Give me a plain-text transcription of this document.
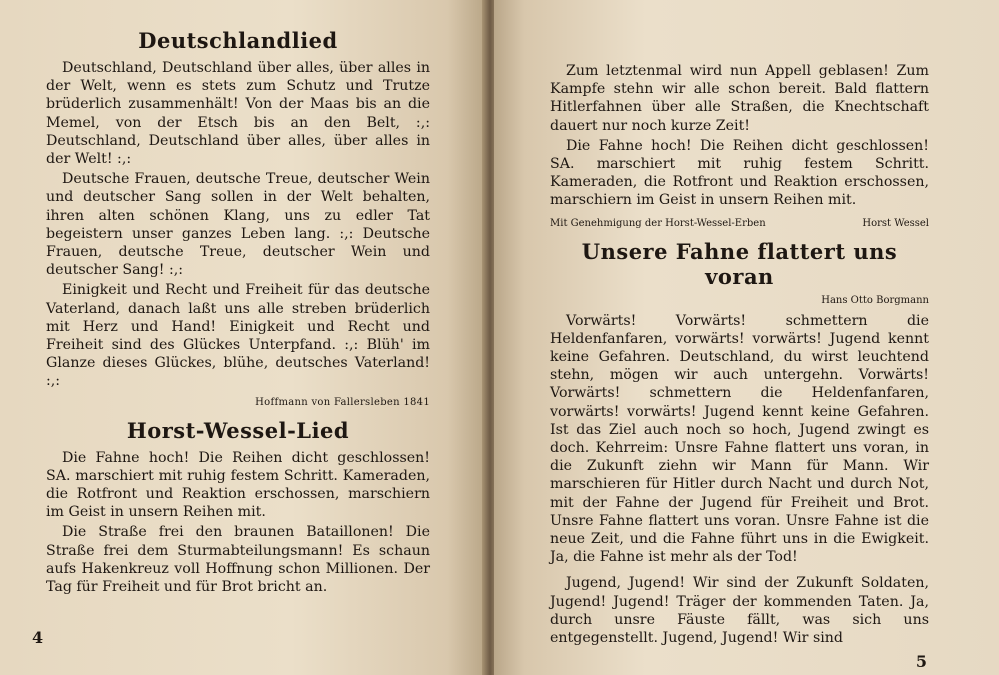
Deutschlandlied

Deutschland, Deutschland über alles, über alles in der Welt, wenn es stets zum Schutz und Trutze brüderlich zusammenhält! Von der Maas bis an die Memel, von der Etsch bis an den Belt, :,: Deutschland, Deutschland über alles, über alles in der Welt! :,:

Deutsche Frauen, deutsche Treue, deutscher Wein und deutscher Sang sollen in der Welt behalten, ihren alten schönen Klang, uns zu edler Tat begeistern unser ganzes Leben lang. :,: Deutsche Frauen, deutsche Treue, deutscher Wein und deutscher Sang! :,:

Einigkeit und Recht und Freiheit für das deutsche Vaterland, danach laßt uns alle streben brüderlich mit Herz und Hand! Einigkeit und Recht und Freiheit sind des Glückes Unterpfand. :,: Blüh' im Glanze dieses Glückes, blühe, deutsches Vaterland! :,:

Hoffmann von Fallersleben 1841
Horst-Wessel-Lied

Die Fahne hoch! Die Reihen dicht geschlossen! SA. marschiert mit ruhig festem Schritt. Kameraden, die Rotfront und Reaktion erschossen, marschiern im Geist in unsern Reihen mit.

Die Straße frei den braunen Bataillonen! Die Straße frei dem Sturmabteilungsmann! Es schaun aufs Hakenkreuz voll Hoffnung schon Millionen. Der Tag für Freiheit und für Brot bricht an.

4

Zum letztenmal wird nun Appell geblasen! Zum Kampfe stehn wir alle schon bereit. Bald flattern Hitlerfahnen über alle Straßen, die Knechtschaft dauert nur noch kurze Zeit!

Die Fahne hoch! Die Reihen dicht geschlossen! SA. marschiert mit ruhig festem Schritt. Kameraden, die Rotfront und Reaktion erschossen, marschiern im Geist in unsern Reihen mit.

Mit Genehmigung der Horst-Wessel-Erben	Horst Wessel
Unsere Fahne flattert uns voran
Hans Otto Borgmann

Vorwärts! Vorwärts! schmettern die Heldenfanfaren, vorwärts! vorwärts! Jugend kennt keine Gefahren. Deutschland, du wirst leuchtend stehn, mögen wir auch untergehn. Vorwärts! Vorwärts! schmettern die Heldenfanfaren, vorwärts! vorwärts! Jugend kennt keine Gefahren. Ist das Ziel auch noch so hoch, Jugend zwingt es doch. Kehrreim: Unsre Fahne flattert uns voran, in die Zukunft ziehn wir Mann für Mann. Wir marschieren für Hitler durch Nacht und durch Not, mit der Fahne der Jugend für Freiheit und Brot. Unsre Fahne flattert uns voran. Unsre Fahne ist die neue Zeit, und die Fahne führt uns in die Ewigkeit. Ja, die Fahne ist mehr als der Tod!

Jugend, Jugend! Wir sind der Zukunft Soldaten, Jugend! Jugend! Träger der kommenden Taten. Ja, durch unsre Fäuste fällt, was sich uns entgegenstellt. Jugend, Jugend! Wir sind

5
